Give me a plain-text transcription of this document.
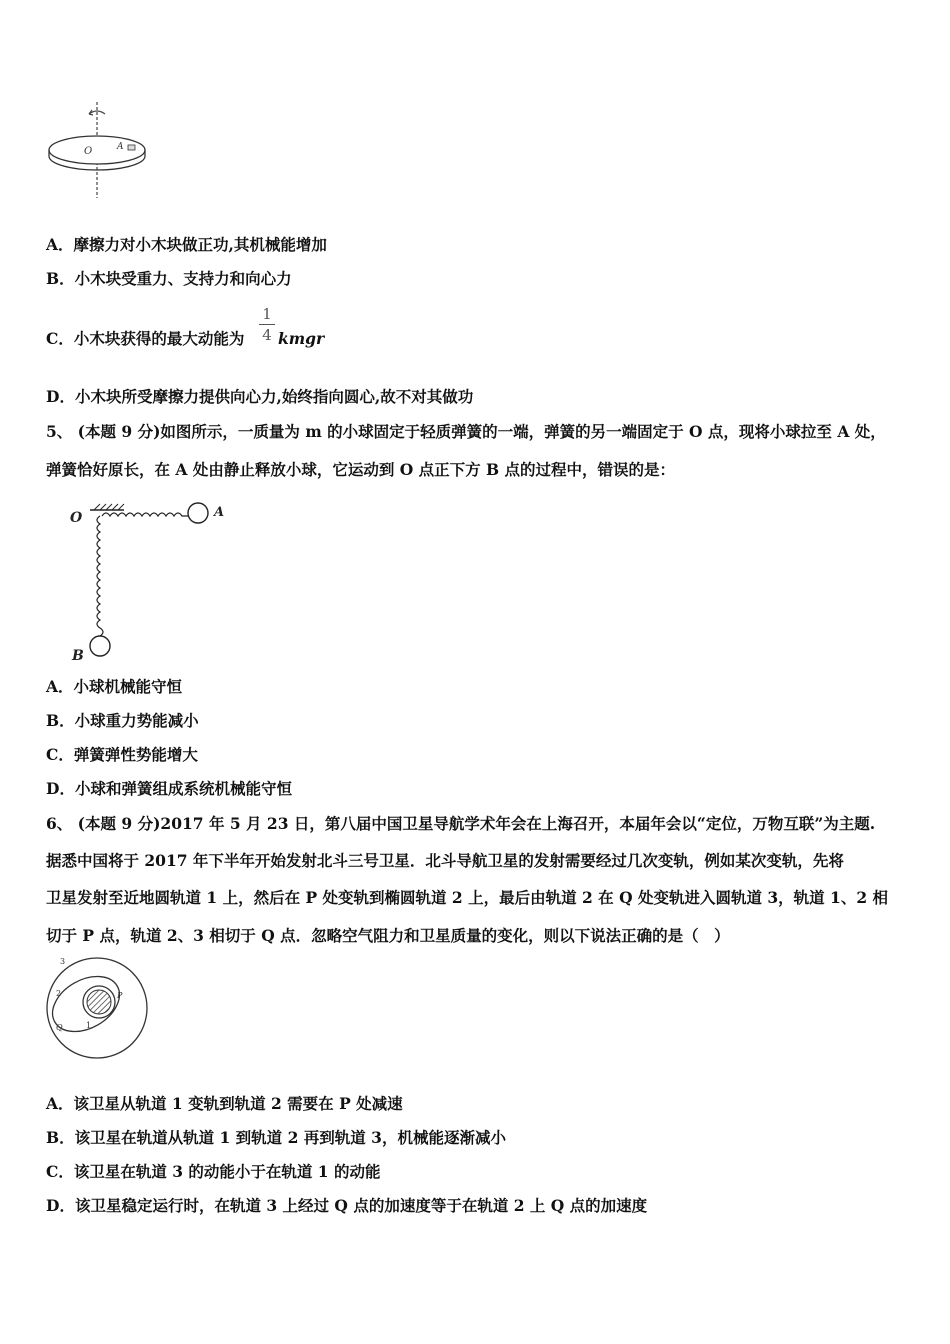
O	A
A．摩擦力对小木块做正功,其机械能增加
B．小木块受重力、支持力和向心力
C．小木块获得的最大动能为
1
4 kmgr
D．小木块所受摩擦力提供向心力,始终指向圆心,故不对其做功
5、 (本题 9 分)如图所示，一质量为 m 的小球固定于轻质弹簧的一端，弹簧的另一端固定于 O 点，现将小球拉至 A 处，
弹簧恰好原长，在 A 处由静止释放小球，它运动到 O 点正下方 B 点的过程中，错误的是：
O	A
B
A．小球机械能守恒
B．小球重力势能减小
C．弹簧弹性势能增大
D．小球和弹簧组成系统机械能守恒
6、 (本题 9 分)2017 年 5 月 23 日，第八届中国卫星导航学术年会在上海召开，本届年会以“定位，万物互联”为主题.
据悉中国将于 2017 年下半年开始发射北斗三号卫星．北斗导航卫星的发射需要经过几次变轨，例如某次变轨，先将
卫星发射至近地圆轨道 1 上，然后在 P 处变轨到椭圆轨道 2 上，最后由轨道 2 在 Q 处变轨进入圆轨道 3，轨道 1、2 相
切于 P 点，轨道 2、3 相切于 Q 点．忽略空气阻力和卫星质量的变化，则以下说法正确的是（　）
3
2	P
Q	1
A．该卫星从轨道 1 变轨到轨道 2 需要在 P 处减速
B．该卫星在轨道从轨道 1 到轨道 2 再到轨道 3，机械能逐渐减小
C．该卫星在轨道 3 的动能小于在轨道 1 的动能
D．该卫星稳定运行时，在轨道 3 上经过 Q 点的加速度等于在轨道 2 上 Q 点的加速度
